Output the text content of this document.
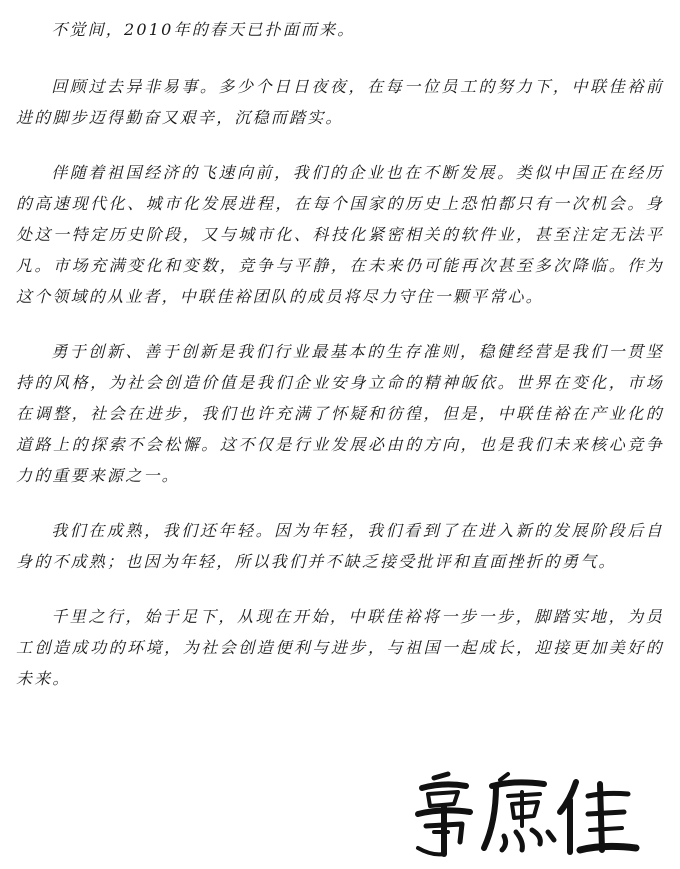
不觉间，2010年的春天已扑面而来。

回顾过去异非易事。多少个日日夜夜，在每一位员工的努力下，中联佳裕前进的脚步迈得勤奋又艰辛，沉稳而踏实。

伴随着祖国经济的飞速向前，我们的企业也在不断发展。类似中国正在经历的高速现代化、城市化发展进程，在每个国家的历史上恐怕都只有一次机会。身处这一特定历史阶段，又与城市化、科技化紧密相关的软件业，甚至注定无法平凡。市场充满变化和变数，竞争与平静，在未来仍可能再次甚至多次降临。作为这个领域的从业者，中联佳裕团队的成员将尽力守住一颗平常心。

勇于创新、善于创新是我们行业最基本的生存准则，稳健经营是我们一贯坚持的风格，为社会创造价值是我们企业安身立命的精神皈依。世界在变化，市场在调整，社会在进步，我们也许充满了怀疑和彷徨，但是，中联佳裕在产业化的道路上的探索不会松懈。这不仅是行业发展必由的方向，也是我们未来核心竞争力的重要来源之一。

我们在成熟，我们还年轻。因为年轻，我们看到了在进入新的发展阶段后自身的不成熟；也因为年轻，所以我们并不缺乏接受批评和直面挫折的勇气。

千里之行，始于足下，从现在开始，中联佳裕将一步一步，脚踏实地，为员工创造成功的环境，为社会创造便利与进步，与祖国一起成长，迎接更加美好的未来。
